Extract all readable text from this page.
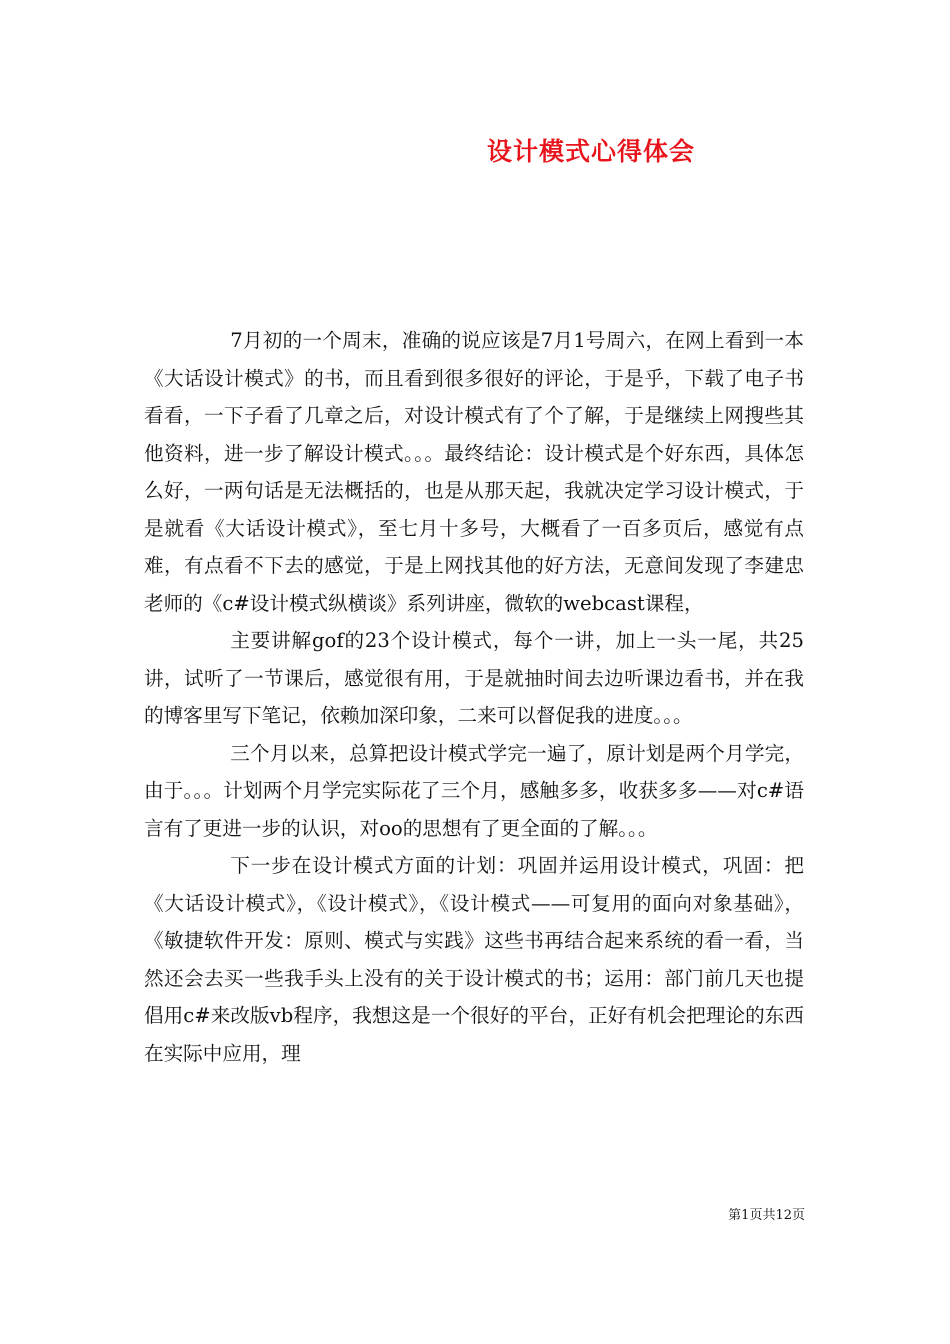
设计模式心得体会

7月初的一个周末，准确的说应该是7月1号周六，在网上看到一本《大话设计模式》的书，而且看到很多很好的评论，于是乎，下载了电子书看看，一下子看了几章之后，对设计模式有了个了解，于是继续上网搜些其他资料，进一步了解设计模式。。。最终结论：设计模式是个好东西，具体怎么好，一两句话是无法概括的，也是从那天起，我就决定学习设计模式，于是就看《大话设计模式》，至七月十多号，大概看了一百多页后，感觉有点难，有点看不下去的感觉，于是上网找其他的好方法，无意间发现了李建忠老师的《c#设计模式纵横谈》系列讲座，微软的webcast课程，

主要讲解gof的23个设计模式，每个一讲，加上一头一尾，共25讲，试听了一节课后，感觉很有用，于是就抽时间去边听课边看书，并在我的博客里写下笔记，依赖加深印象，二来可以督促我的进度。。。

三个月以来，总算把设计模式学完一遍了，原计划是两个月学完，由于。。。计划两个月学完实际花了三个月，感触多多，收获多多——对c#语言有了更进一步的认识，对oo的思想有了更全面的了解。。。

下一步在设计模式方面的计划：巩固并运用设计模式，巩固：把《大话设计模式》，《设计模式》，《设计模式——可复用的面向对象基础》，《敏捷软件开发：原则、模式与实践》这些书再结合起来系统的看一看，当然还会去买一些我手头上没有的关于设计模式的书；运用：部门前几天也提倡用c#来改版vb程序，我想这是一个很好的平台，正好有机会把理论的东西在实际中应用，理

第1页共12页
